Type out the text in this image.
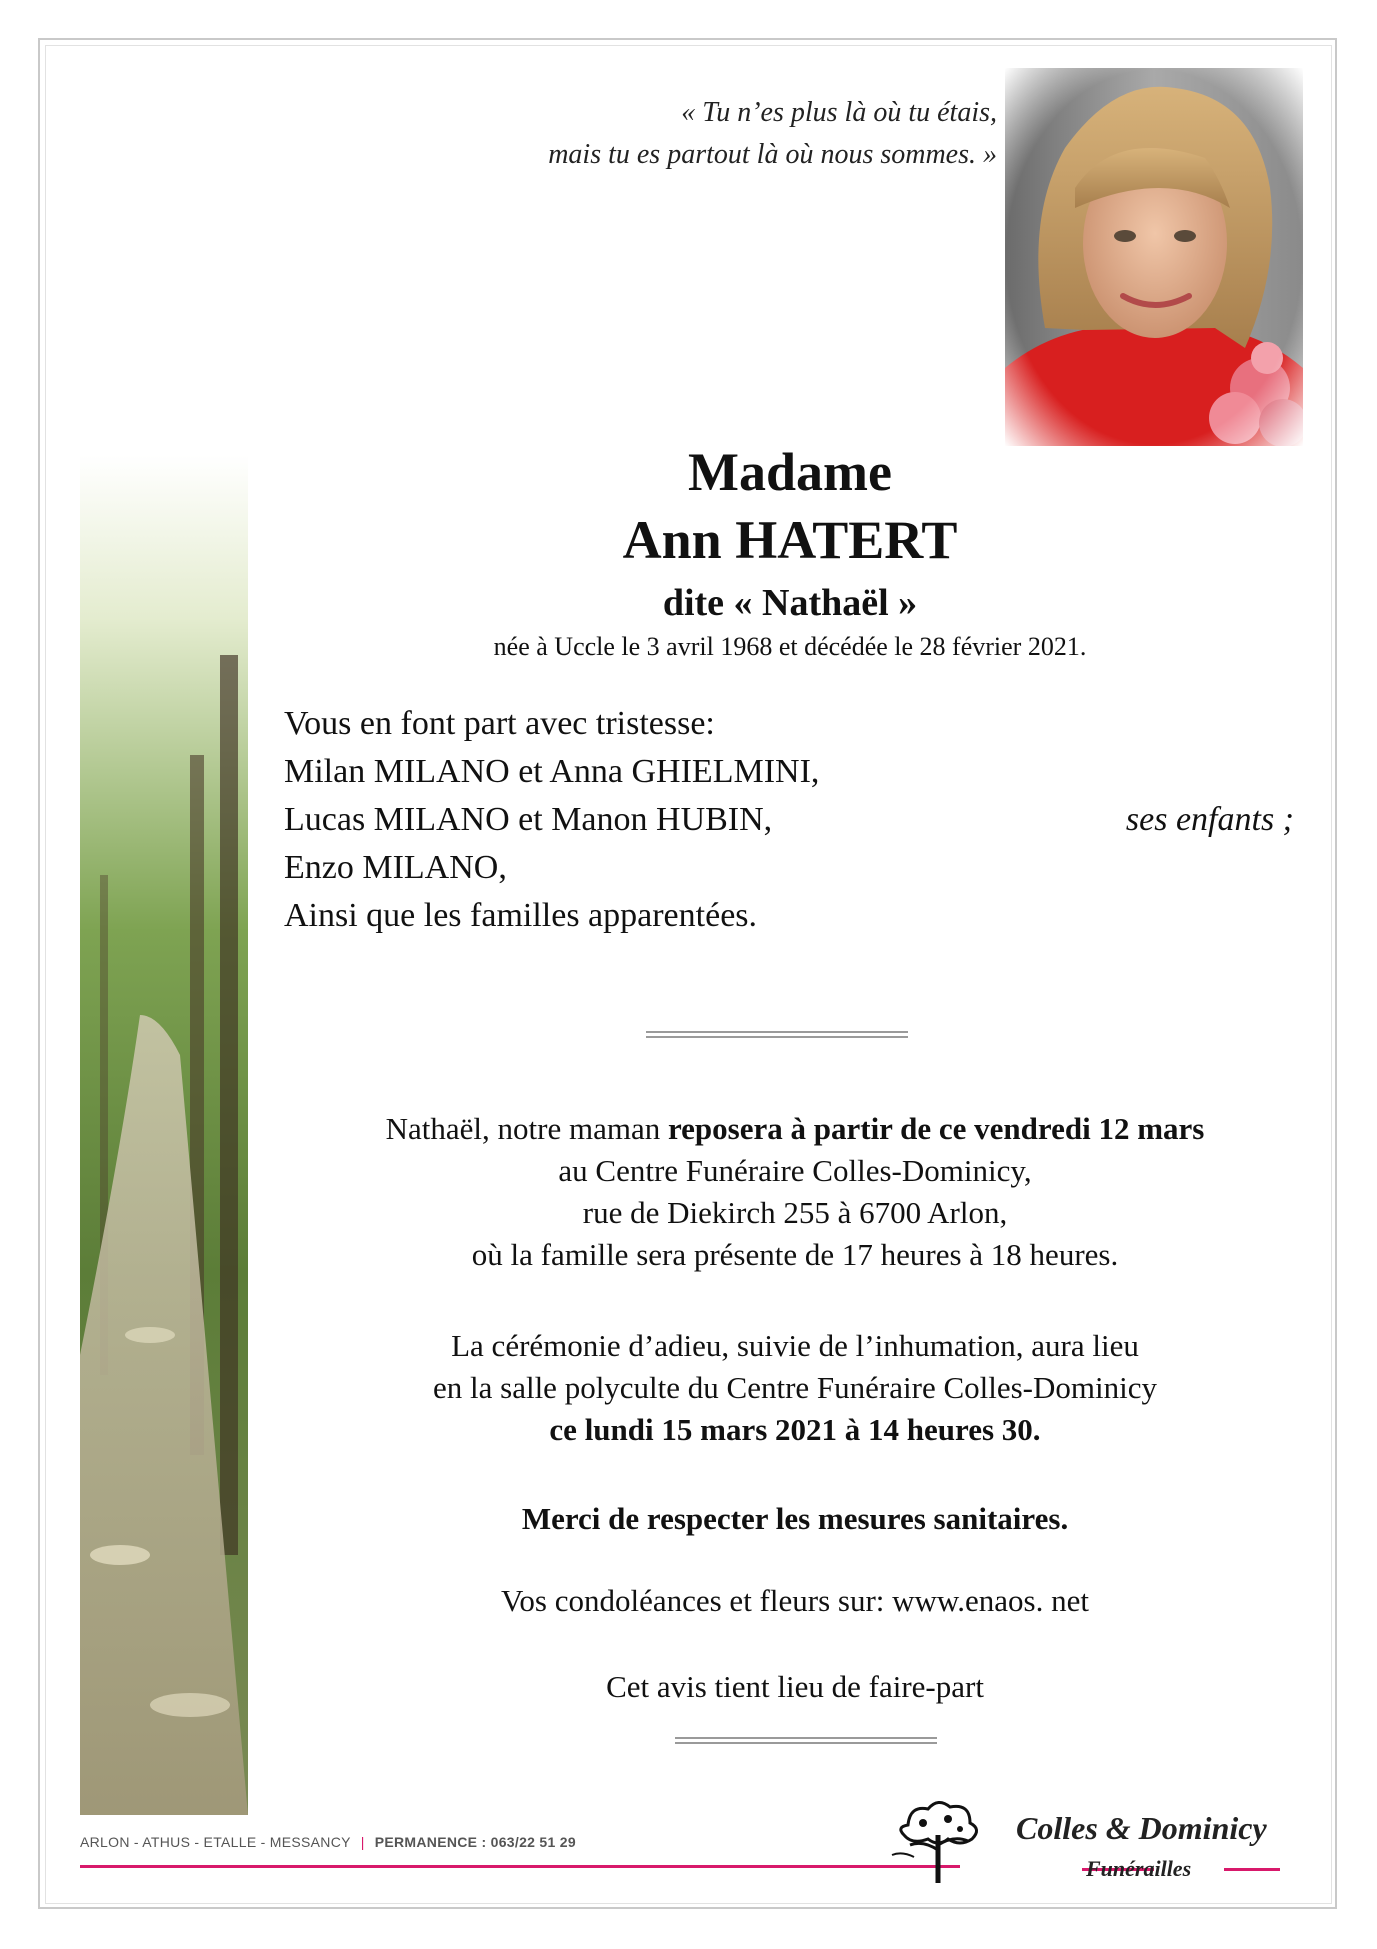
« Tu n’es plus là où tu étais,
mais tu es partout là où nous sommes. »
Madame
Ann HATERT
dite « Nathaël »
née à Uccle le 3 avril 1968 et décédée le 28 février 2021.
Vous en font part avec tristesse:
Milan MILANO et Anna GHIELMINI,
Lucas MILANO et Manon HUBIN,	ses enfants ;
Enzo MILANO,
Ainsi que les familles apparentées.

Nathaël, notre maman reposera à partir de ce vendredi 12 mars

au Centre Funéraire Colles-Dominicy,

rue de Diekirch 255 à 6700 Arlon,

où la famille sera présente de 17 heures à 18 heures.

La cérémonie d’adieu, suivie de l’inhumation, aura lieu

en la salle polyculte du Centre Funéraire Colles-Dominicy

ce lundi 15 mars 2021 à 14 heures 30.

Merci de respecter les mesures sanitaires.
Vos condoléances et fleurs sur: www.enaos. net
Cet avis tient lieu de faire-part
ARLON - ATHUS - ETALLE - MESSANCY | PERMANENCE : 063/22 51 29	Colles & Dominicy
Funérailles
